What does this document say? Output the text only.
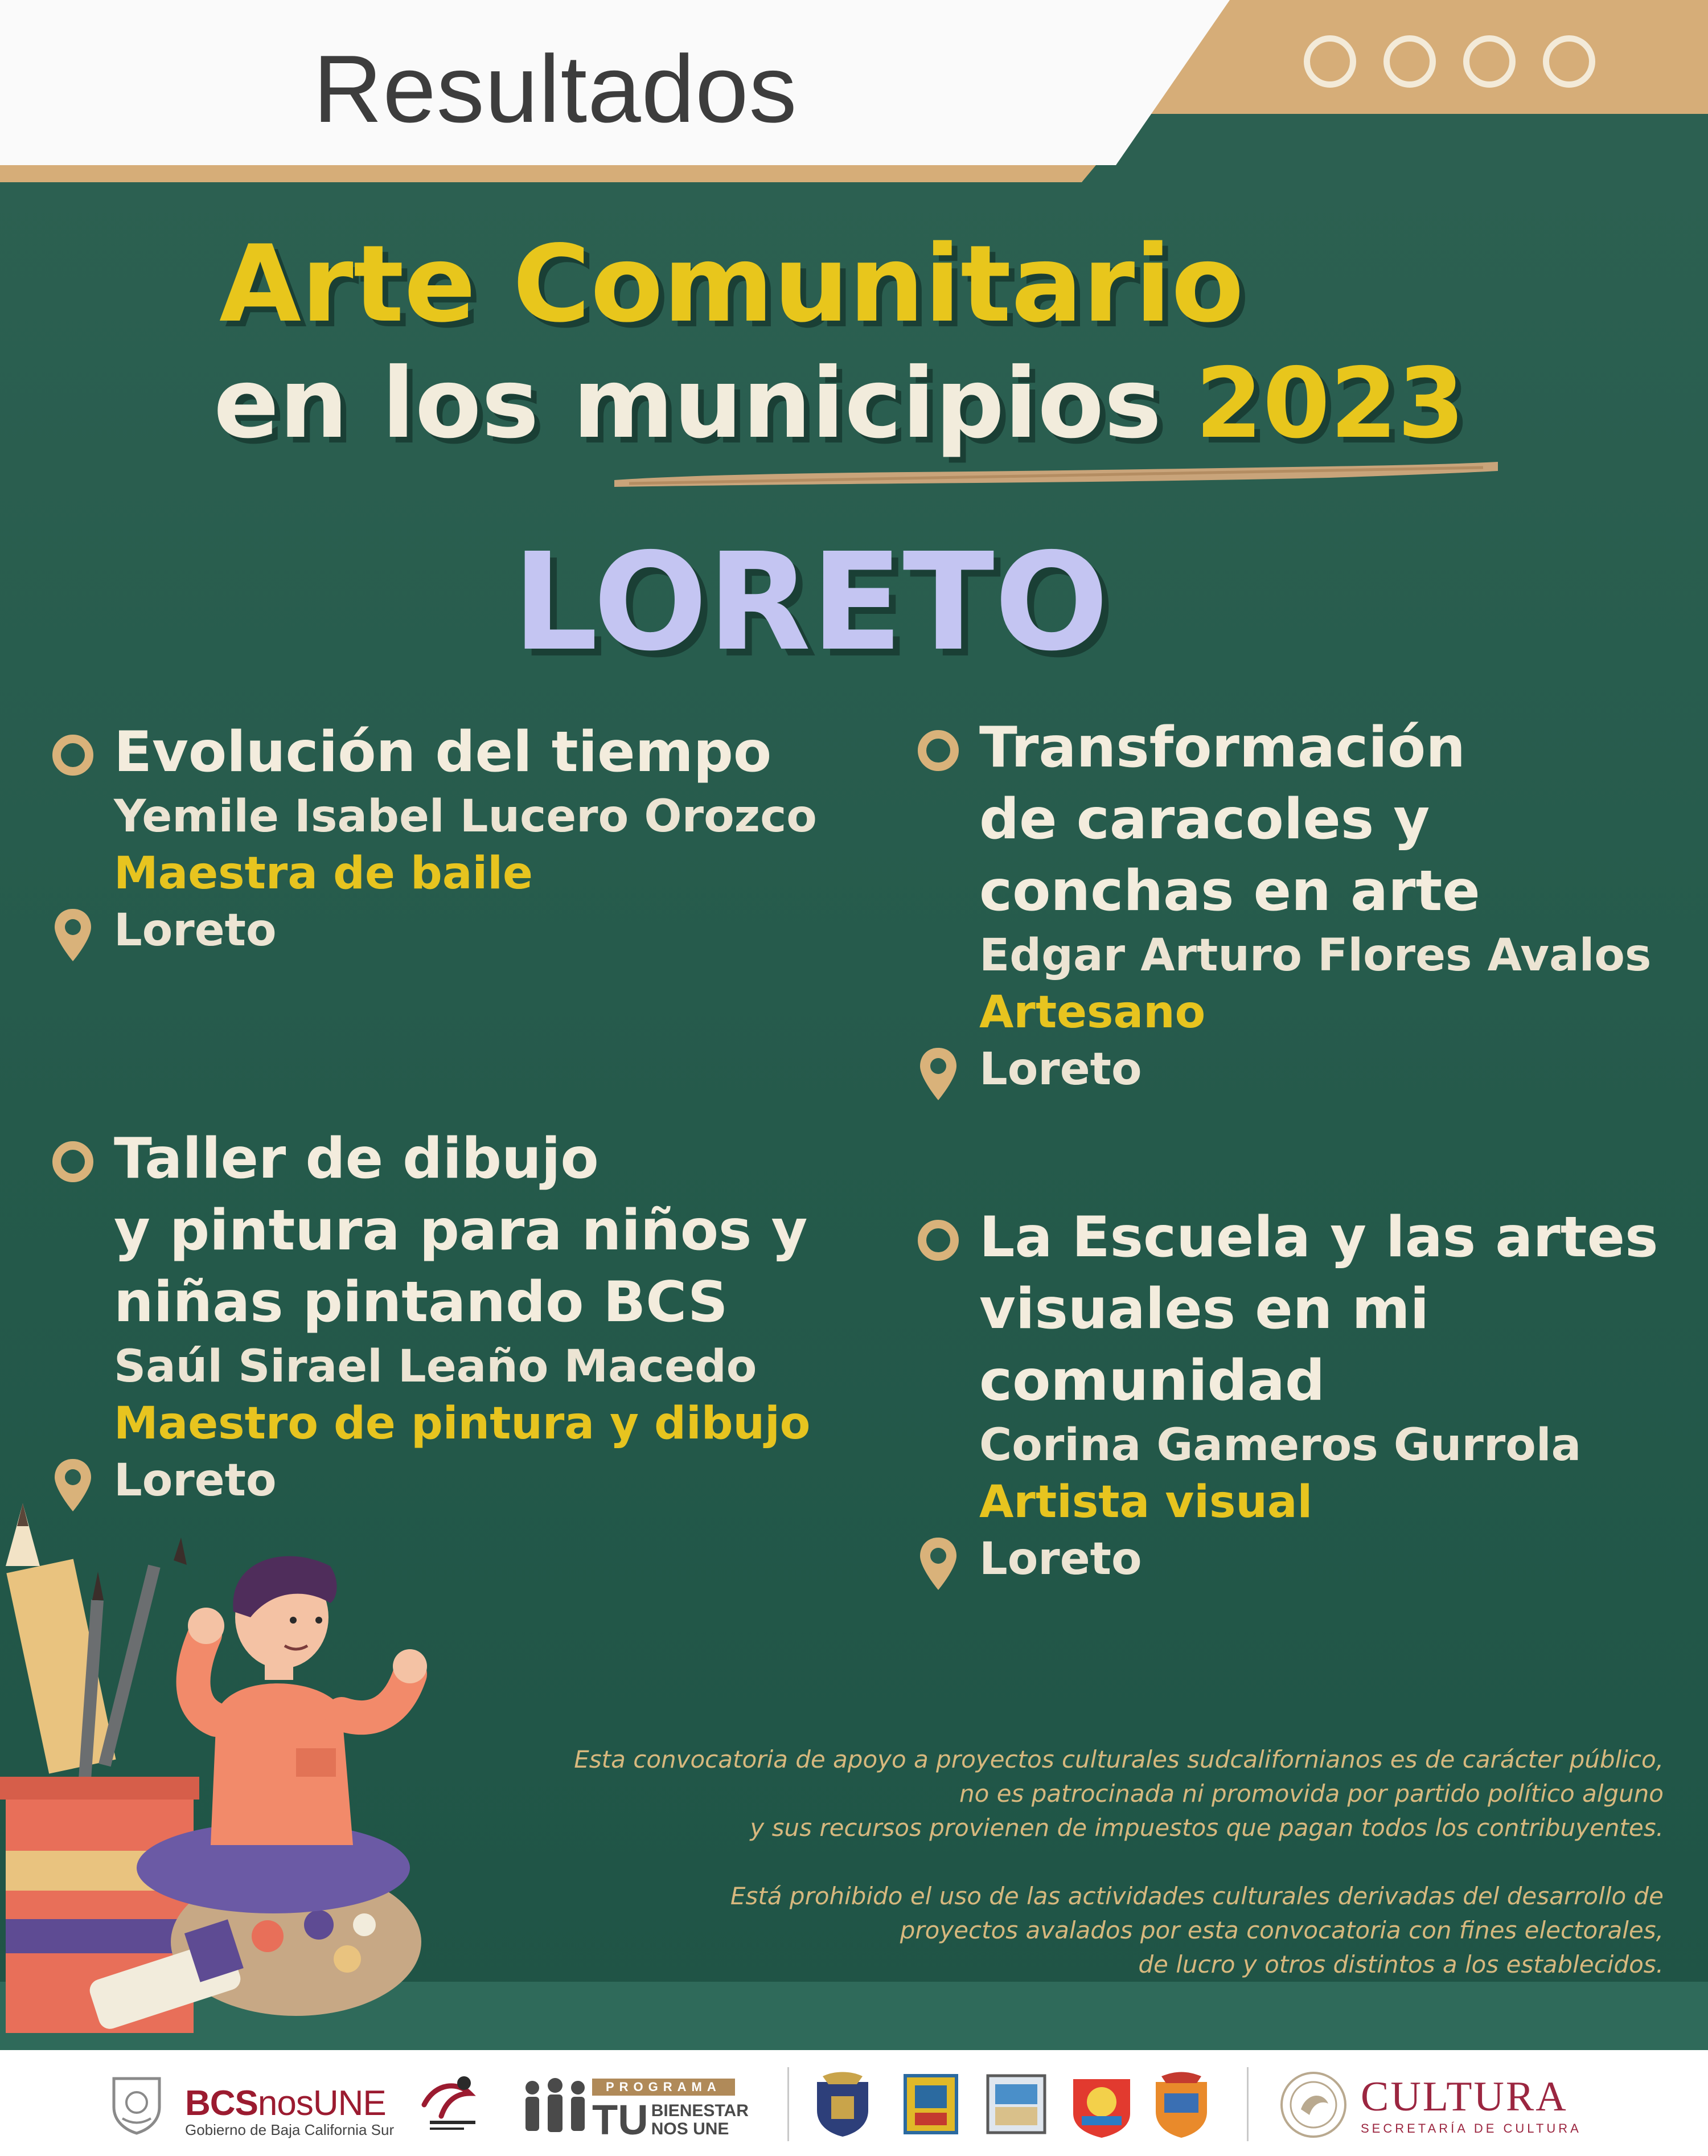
Resultados
Arte Comunitario
en los municipios 2023
LORETO
Evolución del tiempo
Yemile Isabel Lucero Orozco
Maestra de baile
Loreto
Transformación
de caracoles y
conchas en arte
Edgar Arturo Flores Avalos
Artesano
Loreto
Taller de dibujo
y pintura para niños y
niñas pintando BCS
Saúl Sirael Leaño Macedo
Maestro de pintura y dibujo
Loreto
La Escuela y las artes
visuales en mi
comunidad
Corina Gameros Gurrola
Artista visual
Loreto

Esta convocatoria de apoyo a proyectos culturales sudcalifornianos es de carácter público,

no es patrocinada ni promovida por partido político alguno

y sus recursos provienen de impuestos que pagan todos los contribuyentes.

Está prohibido el uso de las actividades culturales derivadas del desarrollo de

proyectos avalados por esta convocatoria con fines electorales,

de lucro y otros distintos a los establecidos.

BCSnosUNE
Gobierno de Baja California Sur
PROGRAMA
TU BIENESTAR
NOS UNE
CULTURA
SECRETARÍA DE CULTURA
